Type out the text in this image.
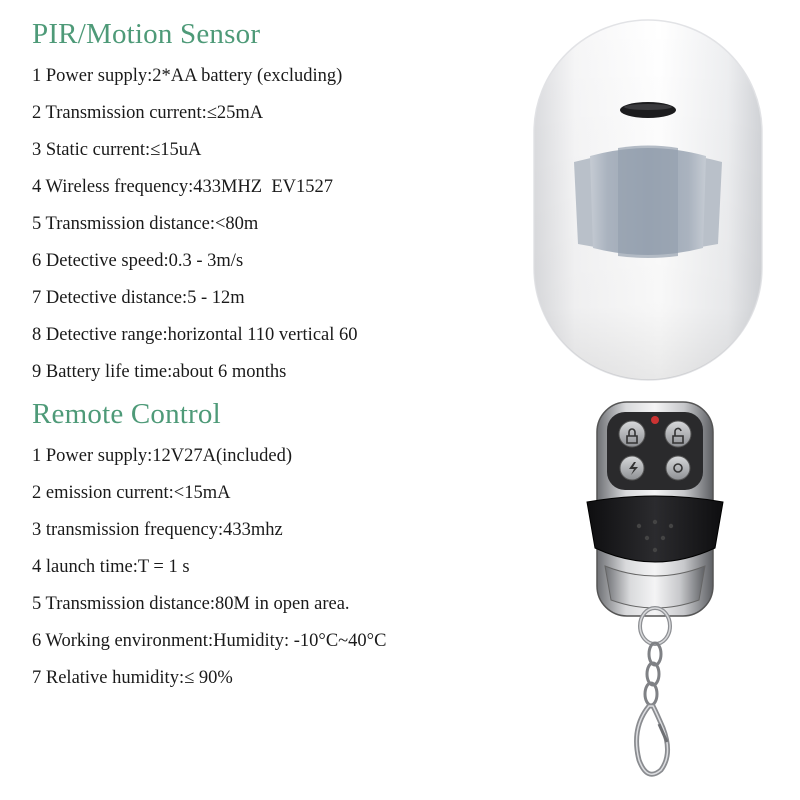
PIR/Motion Sensor
1 Power supply:2*AA battery (excluding)
2 Transmission current:≤25mA
3 Static current:≤15uA
4 Wireless frequency:433MHZ  EV1527
5 Transmission distance:<80m
6 Detective speed:0.3 - 3m/s
7 Detective distance:5 - 12m
8 Detective range:horizontal 110 vertical 60
9 Battery life time:about 6 months
Remote Control
1 Power supply:12V27A(included)
2 emission current:<15mA
3 transmission frequency:433mhz
4 launch time:T = 1 s
5 Transmission distance:80M in open area.
6 Working environment:Humidity: -10°C~40°C
7 Relative humidity:≤ 90%
